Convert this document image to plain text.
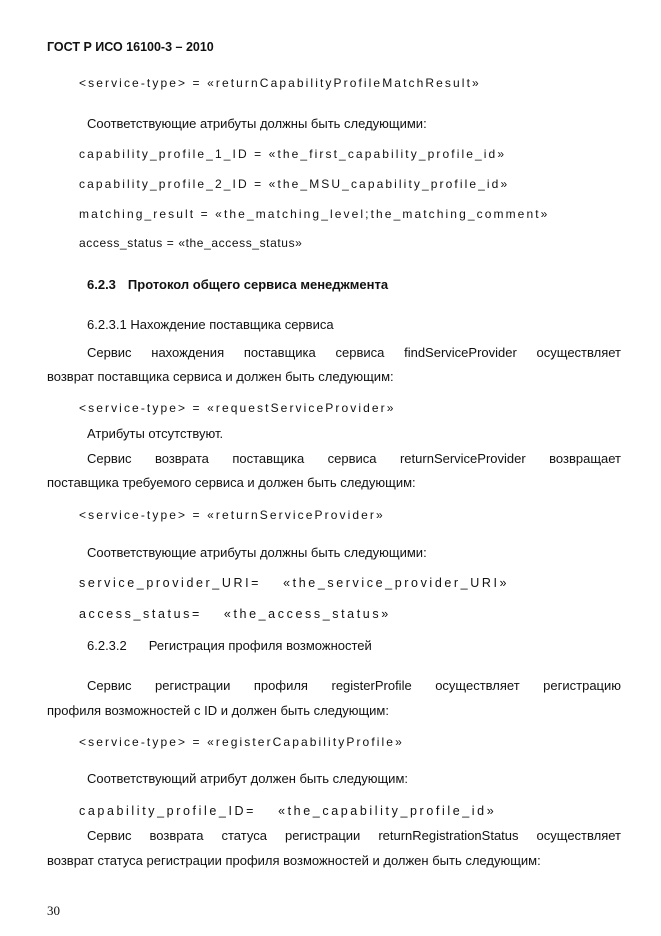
ГОСТ Р ИСО 16100-3 – 2010
<service-type> = «returnCapabilityProfileMatchResult»
Соответствующие атрибуты должны быть следующими:
capability_profile_1_ID = «the_first_capability_profile_id»
capability_profile_2_ID = «the_MSU_capability_profile_id»
matching_result = «the_matching_level;the_matching_comment»
access_status = «the_access_status»
6.2.3 Протокол общего сервиса менеджмента
6.2.3.1 Нахождение поставщика сервиса
Сервис нахождения поставщика сервиса findServiceProvider осуществляет
возврат поставщика сервиса и должен быть следующим:
<service-type> = «requestServiceProvider»
Атрибуты отсутствуют.
Сервис возврата поставщика сервиса returnServiceProvider возвращает
поставщика требуемого сервиса и должен быть следующим:
<service-type> = «returnServiceProvider»
Соответствующие атрибуты должны быть следующими:
service_provider_URI= «the_service_provider_URI»
access_status= «the_access_status»
6.2.3.2 Регистрация профиля возможностей
Сервис регистрации профиля registerProfile осуществляет регистрацию
профиля возможностей с ID и должен быть следующим:
<service-type> = «registerCapabilityProfile»
Соответствующий атрибут должен быть следующим:
capability_profile_ID= «the_capability_profile_id»
Сервис возврата статуса регистрации returnRegistrationStatus осуществляет
возврат статуса регистрации профиля возможностей и должен быть следующим:
30
